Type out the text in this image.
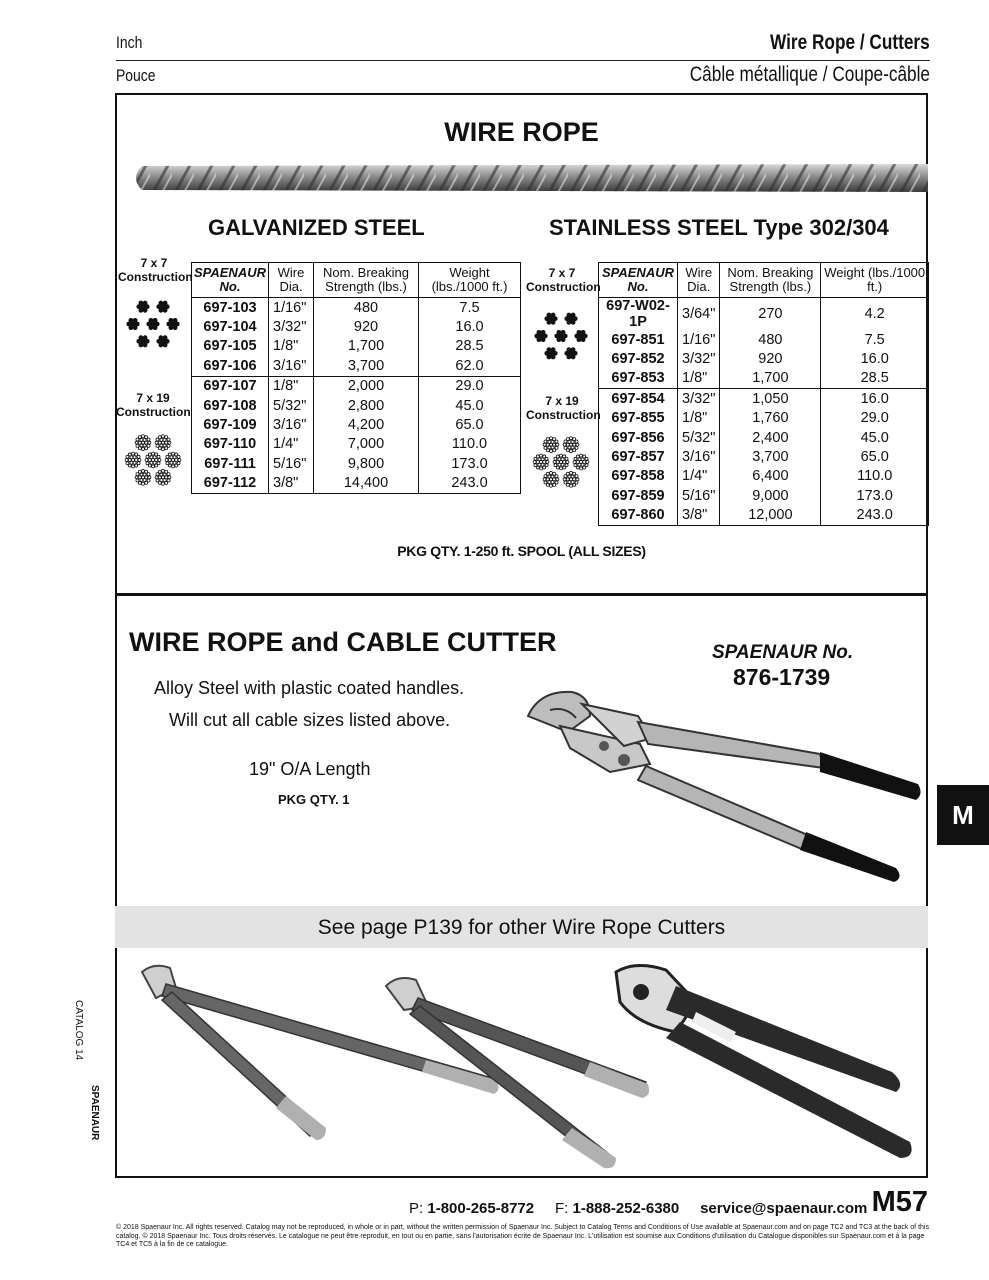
Inch	Wire Rope / Cutters
Pouce	Câble métallique / Coupe-câble
WIRE ROPE
GALVANIZED STEEL	STAINLESS STEEL Type 302/304
7 x 7 Construction
7 x 19 Construction
SPAENAUR No.	Wire Dia.	Nom. Breaking Strength (lbs.)	Weight (lbs./1000 ft.)
697-103	1/16"	480	7.5
697-104	3/32"	920	16.0
697-105	1/8"	1,700	28.5
697-106	3/16"	3,700	62.0
697-107	1/8"	2,000	29.0
697-108	5/32"	2,800	45.0
697-109	3/16"	4,200	65.0
697-110	1/4"	7,000	110.0
697-111	5/16"	9,800	173.0
697-112	3/8"	14,400	243.0
7 x 7 Construction
7 x 19 Construction
SPAENAUR No.	Wire Dia.	Nom. Breaking Strength (lbs.)	Weight (lbs./1000 ft.)
697-W02-1P	3/64"	270	4.2
697-851	1/16"	480	7.5
697-852	3/32"	920	16.0
697-853	1/8"	1,700	28.5
697-854	3/32"	1,050	16.0
697-855	1/8"	1,760	29.0
697-856	5/32"	2,400	45.0
697-857	3/16"	3,700	65.0
697-858	1/4"	6,400	110.0
697-859	5/16"	9,000	173.0
697-860	3/8"	12,000	243.0
PKG QTY. 1-250 ft. SPOOL (ALL SIZES)
WIRE ROPE and CABLE CUTTER
Alloy Steel with plastic coated handles.
Will cut all cable sizes listed above.
19" O/A Length
PKG QTY. 1
SPAENAUR No.
876-1739
See page P139 for other Wire Rope Cutters
M
CATALOG 14
SPAENAUR
P: 1-800-265-8772 F: 1-888-252-6380 service@spaenaur.com M57
© 2018 Spaenaur Inc. All rights reserved. Catalog may not be reproduced, in whole or in part, without the written permission of Spaenaur Inc. Subject to Catalog Terms and Conditions of Use available at Spaenaur.com and on page TC2 and TC3 at the back of this catalog. © 2018 Spaenaur Inc. Tous droits réservés. Le catalogue ne peut être reproduit, en tout ou en partie, sans l'autorisation écrite de Spaenaur Inc. L'utilisation est soumise aux Conditions d'utilisation du Catalogue disponibles sur Spaenaur.com et à la page TC4 et TC5 à la fin de ce catalogue.
